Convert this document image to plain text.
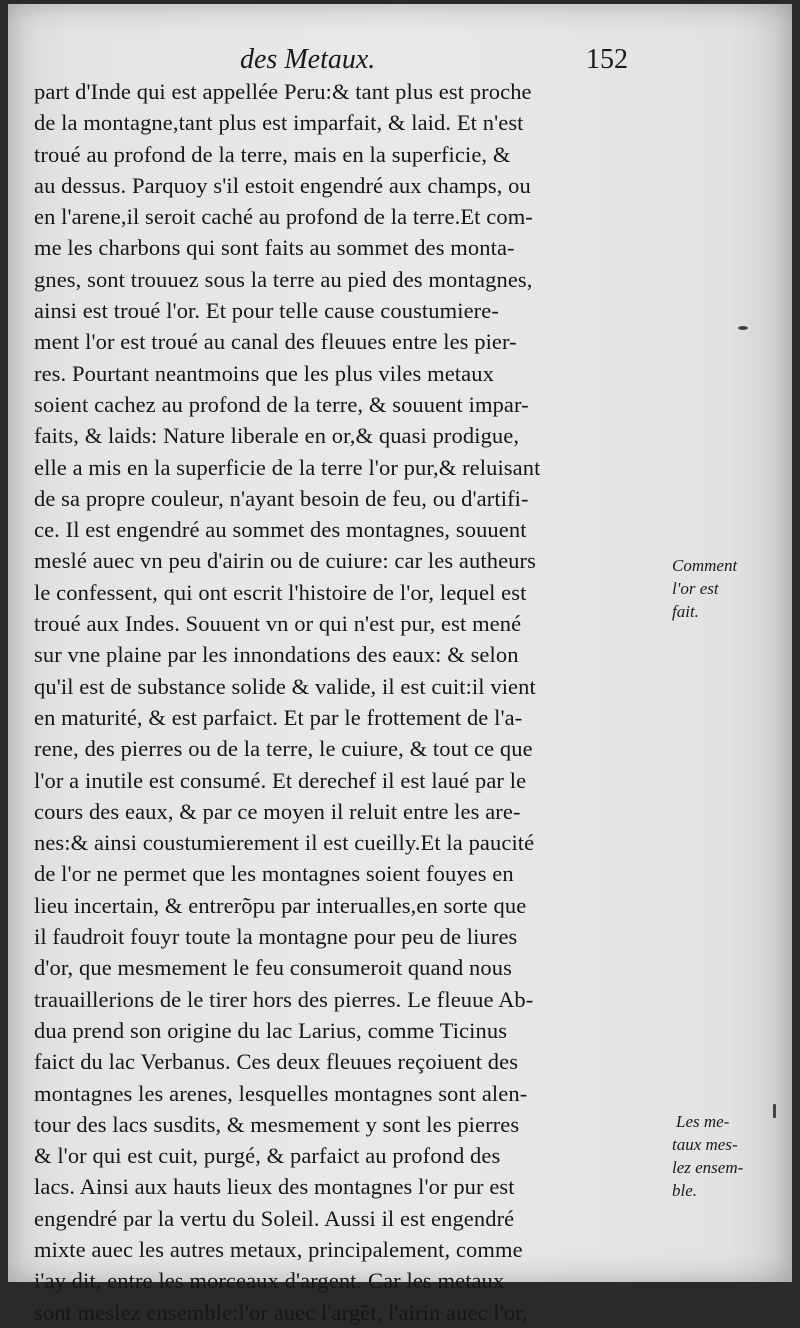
des Metaux.	152
part d'Inde qui est appellée Peru:& tant plus est proche
de la montagne,tant plus est imparfait, & laid. Et n'est
troué au profond de la terre, mais en la superficie, &
au dessus. Parquoy s'il estoit engendré aux champs, ou
en l'arene,il seroit caché au profond de la terre.Et com-
me les charbons qui sont faits au sommet des monta-
gnes, sont trouuez sous la terre au pied des montagnes,
ainsi est troué l'or. Et pour telle cause coustumiere-
ment l'or est troué au canal des fleuues entre les pier-
res. Pourtant neantmoins que les plus viles metaux
soient cachez au profond de la terre, & souuent impar-
faits, & laids: Nature liberale en or,& quasi prodigue,
elle a mis en la superficie de la terre l'or pur,& reluisant
de sa propre couleur, n'ayant besoin de feu, ou d'artifi-
ce. Il est engendré au sommet des montagnes, souuent
meslé auec vn peu d'airin ou de cuiure: car les autheurs
le confessent, qui ont escrit l'histoire de l'or, lequel est
troué aux Indes. Souuent vn or qui n'est pur, est mené
sur vne plaine par les innondations des eaux: & selon
qu'il est de substance solide & valide, il est cuit:il vient
en maturité, & est parfaict. Et par le frottement de l'a-
rene, des pierres ou de la terre, le cuiure, & tout ce que
l'or a inutile est consumé. Et derechef il est laué par le
cours des eaux, & par ce moyen il reluit entre les are-
nes:& ainsi coustumierement il est cueilly.Et la paucité
de l'or ne permet que les montagnes soient fouyes en
lieu incertain, & entrerõpu par interualles,en sorte que
il faudroit fouyr toute la montagne pour peu de liures
d'or, que mesmement le feu consumeroit quand nous
trauaillerions de le tirer hors des pierres. Le fleuue Ab-
dua prend son origine du lac Larius, comme Ticinus
faict du lac Verbanus. Ces deux fleuues reçoiuent des
montagnes les arenes, lesquelles montagnes sont alen-
tour des lacs susdits, & mesmement y sont les pierres
& l'or qui est cuit, purgé, & parfaict au profond des
lacs. Ainsi aux hauts lieux des montagnes l'or pur est
engendré par la vertu du Soleil. Aussi il est engendré
mixte auec les autres metaux, principalement, comme
i'ay dit, entre les morceaux d'argent. Car les metaux
sont meslez ensemble:l'or auec l'argẽt, l'airin auec l'or,
Comment
l'or est
fait.
Les me-
taux mes-
lez ensem-
ble.
